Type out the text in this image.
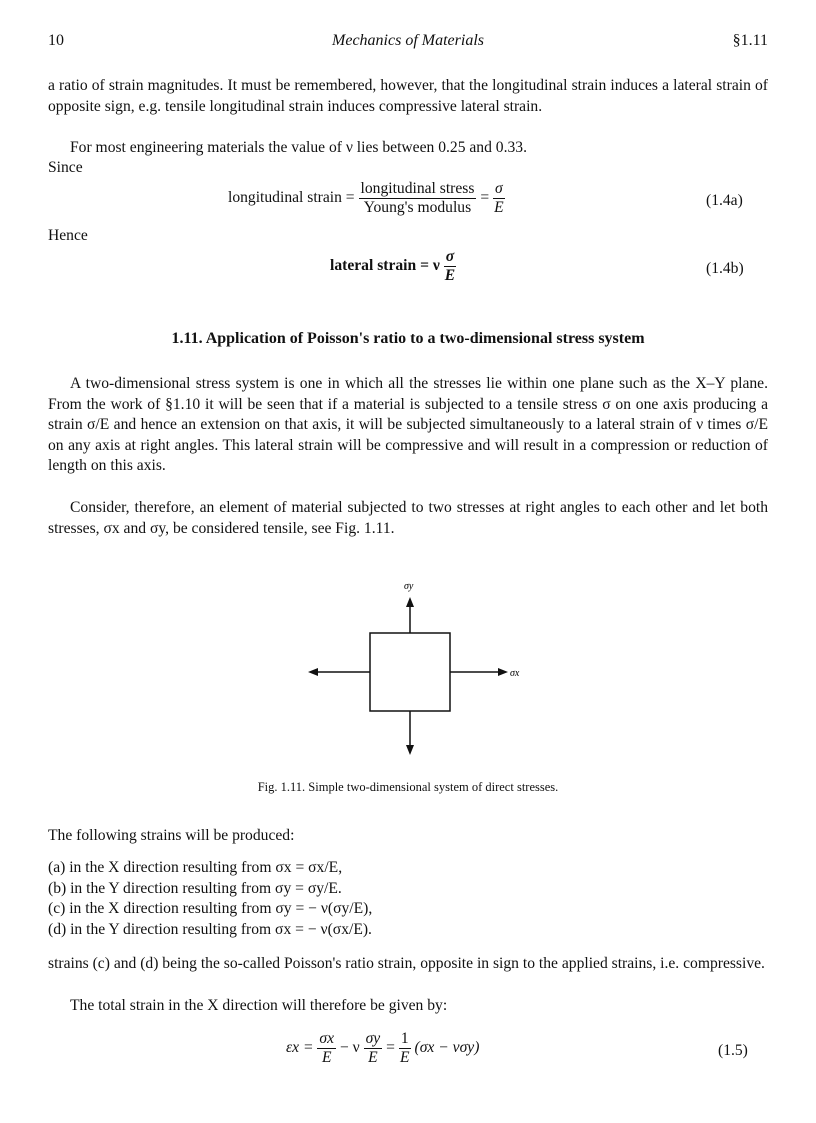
10	Mechanics of Materials	§1.11
a ratio of strain magnitudes. It must be remembered, however, that the longitudinal strain induces a lateral strain of opposite sign, e.g. tensile longitudinal strain induces compressive lateral strain.
For most engineering materials the value of ν lies between 0.25 and 0.33.
Since
longitudinal strain = $\frac{\text{longitudinal stress}}{\text{Young's modulus}} = \frac{\sigma}{E}$	(1.4a)
Hence
lateral strain = ν $\frac{\sigma}{E}$	(1.4b)
1.11. Application of Poisson's ratio to a two-dimensional stress system
A two-dimensional stress system is one in which all the stresses lie within one plane such as the X–Y plane. From the work of §1.10 it will be seen that if a material is subjected to a tensile stress σ on one axis producing a strain σ/E and hence an extension on that axis, it will be subjected simultaneously to a lateral strain of ν times σ/E on any axis at right angles. This lateral strain will be compressive and will result in a compression or reduction of length on this axis.
Consider, therefore, an element of material subjected to two stresses at right angles to each other and let both stresses, σx and σy, be considered tensile, see Fig. 1.11.
σy
σx
Fig. 1.11. Simple two-dimensional system of direct stresses.
The following strains will be produced:
(a) in the X direction resulting from σx = σx/E,
(b) in the Y direction resulting from σy = σy/E.
(c) in the X direction resulting from σy = − ν(σy/E),
(d) in the Y direction resulting from σx = − ν(σx/E).
strains (c) and (d) being the so-called Poisson's ratio strain, opposite in sign to the applied strains, i.e. compressive.
The total strain in the X direction will therefore be given by:
$\varepsilon x = \frac{\sigma x}{E} - \nu \frac{\sigma y}{E} = \frac{1}{E} (\sigma x - \nu\sigma y)$	(1.5)
